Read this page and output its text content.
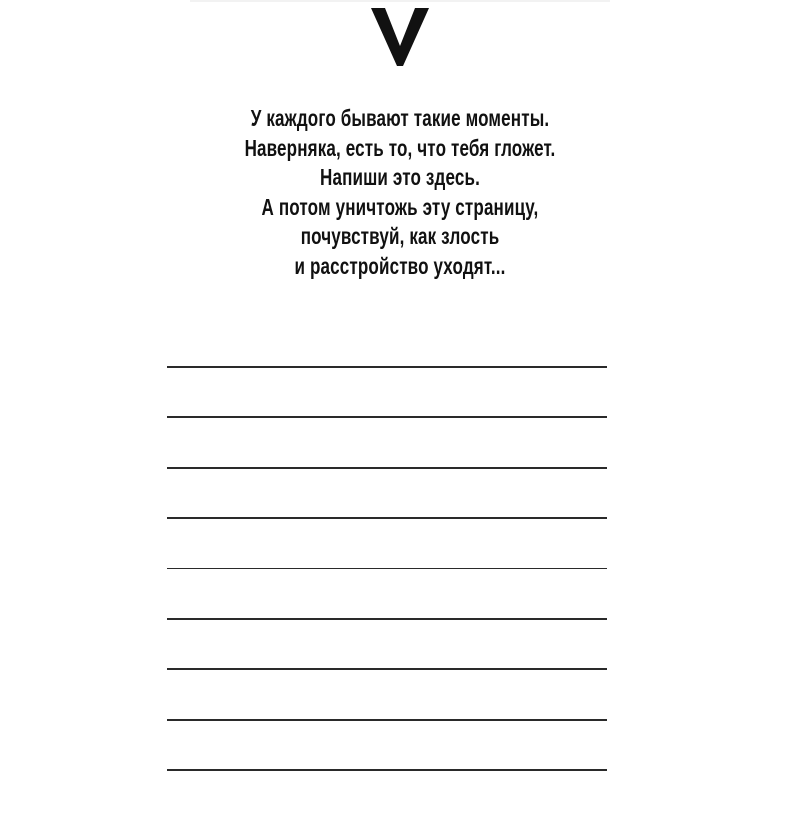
У каждого бывают такие моменты.
Наверняка, есть то, что тебя гложет.
Напиши это здесь.
А потом уничтожь эту страницу,
почувствуй, как злость
и расстройство уходят...
